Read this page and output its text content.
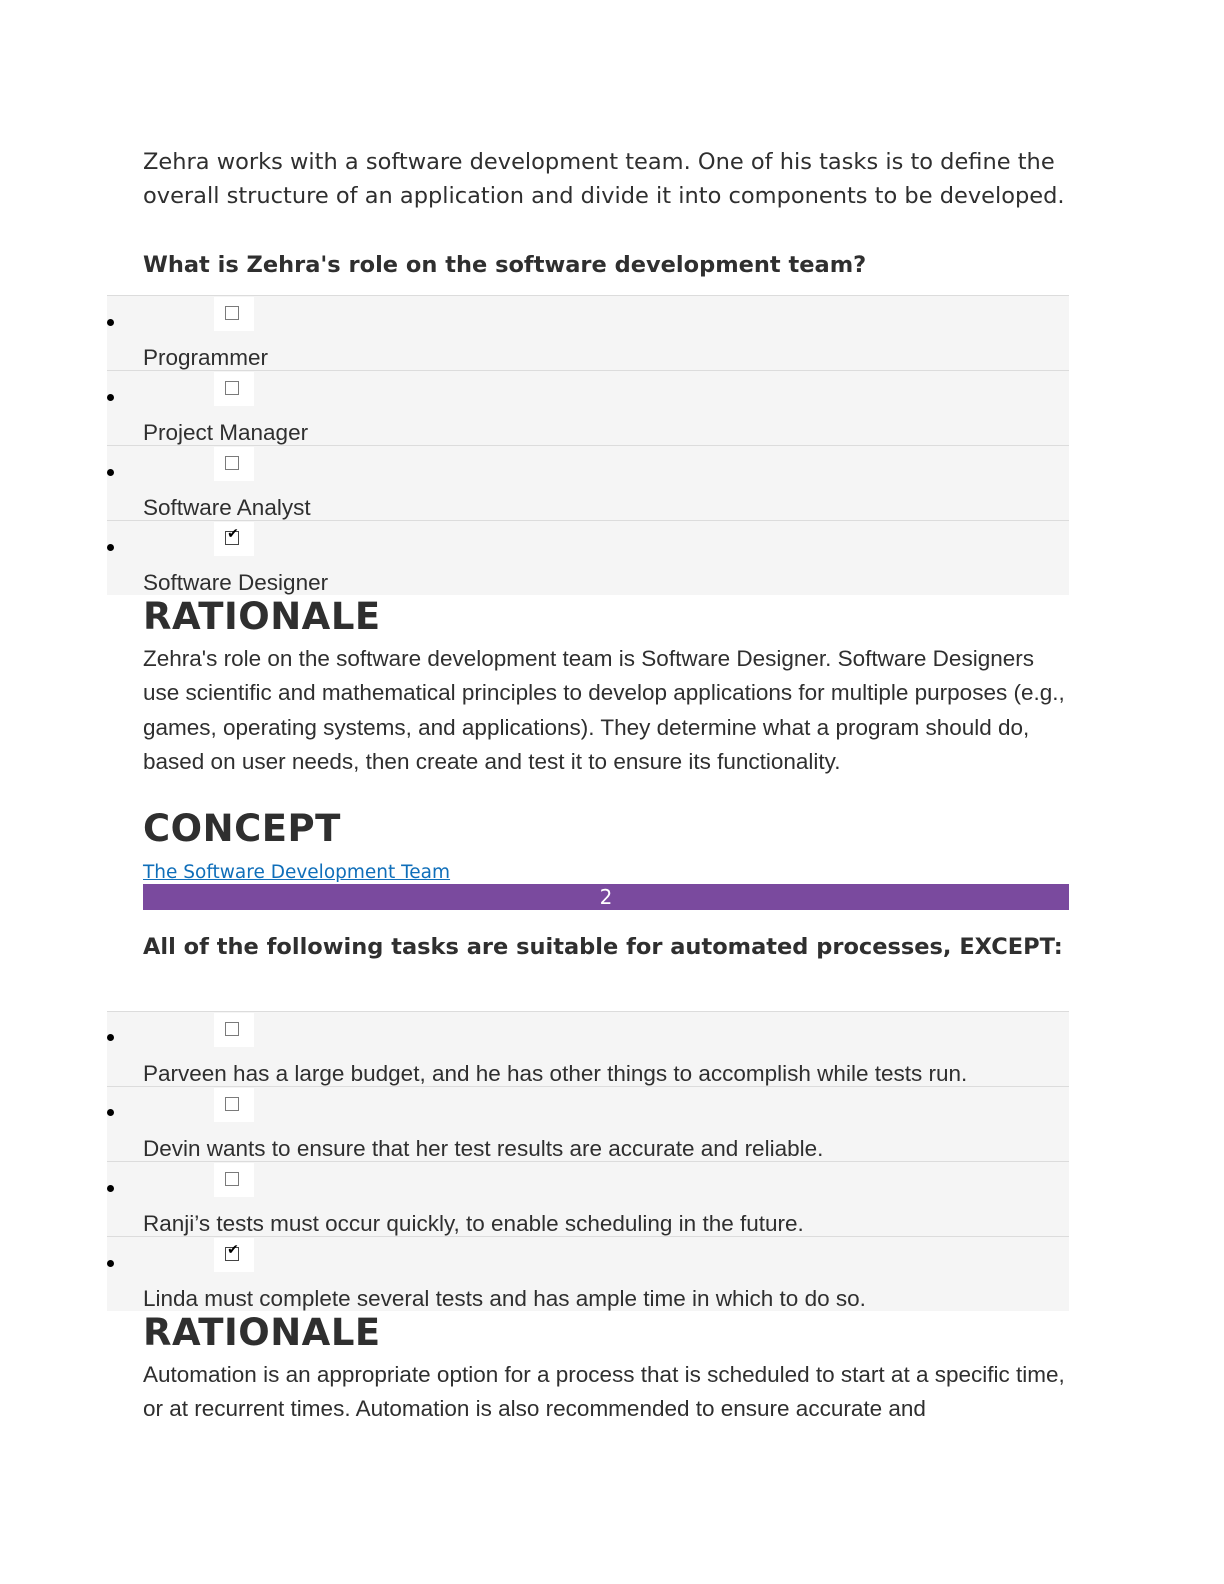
Zehra works with a software development team. One of his tasks is to define the overall structure of an application and divide it into components to be developed.
What is Zehra's role on the software development team?
Programmer
Project Manager
Software Analyst
✔
Software Designer
RATIONALE
Zehra's role on the software development team is Software Designer. Software Designers use scientific and mathematical principles to develop applications for multiple purposes (e.g., games, operating systems, and applications). They determine what a program should do, based on user needs, then create and test it to ensure its functionality.
CONCEPT
The Software Development Team
2
All of the following tasks are suitable for automated processes, EXCEPT:
Parveen has a large budget, and he has other things to accomplish while tests run.
Devin wants to ensure that her test results are accurate and reliable.
Ranji’s tests must occur quickly, to enable scheduling in the future.
✔
Linda must complete several tests and has ample time in which to do so.
RATIONALE
Automation is an appropriate option for a process that is scheduled to start at a specific time, or at recurrent times. Automation is also recommended to ensure accurate and
